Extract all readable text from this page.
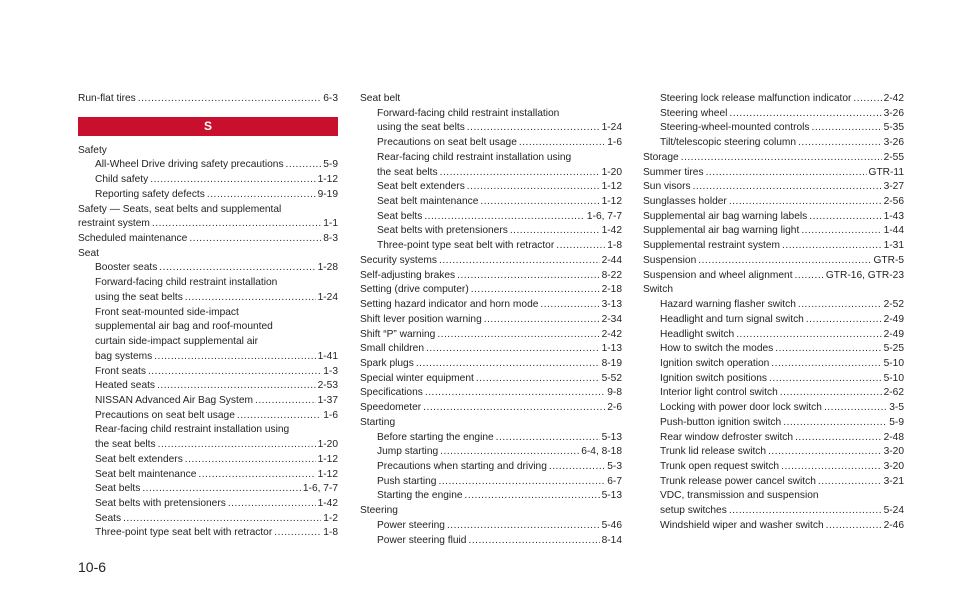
Run-flat tires .....	6-3
S
Safety
All-Wheel Drive driving safety precautions .....	5-9
Child safety .....	1-12
Reporting safety defects .....	9-19
Safety — Seats, seat belts and supplemental
restraint system .....	1-1
Scheduled maintenance .....	8-3
Seat
Booster seats .....	1-28
Forward-facing child restraint installation
using the seat belts .....	1-24
Front seat-mounted side-impact
supplemental air bag and roof-mounted
curtain side-impact supplemental air
bag systems .....	1-41
Front seats .....	1-3
Heated seats .....	2-53
NISSAN Advanced Air Bag System .....	1-37
Precautions on seat belt usage .....	1-6
Rear-facing child restraint installation using
the seat belts .....	1-20
Seat belt extenders .....	1-12
Seat belt maintenance .....	1-12
Seat belts .....	1-6, 7-7
Seat belts with pretensioners .....	1-42
Seats .....	1-2
Three-point type seat belt with retractor .....	1-8
Seat belt
Forward-facing child restraint installation
using the seat belts .....	1-24
Precautions on seat belt usage .....	1-6
Rear-facing child restraint installation using
the seat belts .....	1-20
Seat belt extenders .....	1-12
Seat belt maintenance .....	1-12
Seat belts .....	1-6, 7-7
Seat belts with pretensioners .....	1-42
Three-point type seat belt with retractor .....	1-8
Security systems .....	2-44
Self-adjusting brakes .....	8-22
Setting (drive computer) .....	2-18
Setting hazard indicator and horn mode .....	3-13
Shift lever position warning .....	2-34
Shift “P” warning .....	2-42
Small children .....	1-13
Spark plugs .....	8-19
Special winter equipment .....	5-52
Specifications .....	9-8
Speedometer .....	2-6
Starting
Before starting the engine .....	5-13
Jump starting .....	6-4, 8-18
Precautions when starting and driving .....	5-3
Push starting .....	6-7
Starting the engine .....	5-13
Steering
Power steering .....	5-46
Power steering fluid .....	8-14
Steering lock release malfunction indicator .....	2-42
Steering wheel .....	3-26
Steering-wheel-mounted controls .....	5-35
Tilt/telescopic steering column .....	3-26
Storage .....	2-55
Summer tires .....	GTR-11
Sun visors .....	3-27
Sunglasses holder .....	2-56
Supplemental air bag warning labels .....	1-43
Supplemental air bag warning light .....	1-44
Supplemental restraint system .....	1-31
Suspension .....	GTR-5
Suspension and wheel alignment .....	GTR-16, GTR-23
Switch
Hazard warning flasher switch .....	2-52
Headlight and turn signal switch .....	2-49
Headlight switch .....	2-49
How to switch the modes .....	5-25
Ignition switch operation .....	5-10
Ignition switch positions .....	5-10
Interior light control switch .....	2-62
Locking with power door lock switch .....	3-5
Push-button ignition switch .....	5-9
Rear window defroster switch .....	2-48
Trunk lid release switch .....	3-20
Trunk open request switch .....	3-20
Trunk release power cancel switch .....	3-21
VDC, transmission and suspension
setup switches .....	5-24
Windshield wiper and washer switch .....	2-46
10-6
